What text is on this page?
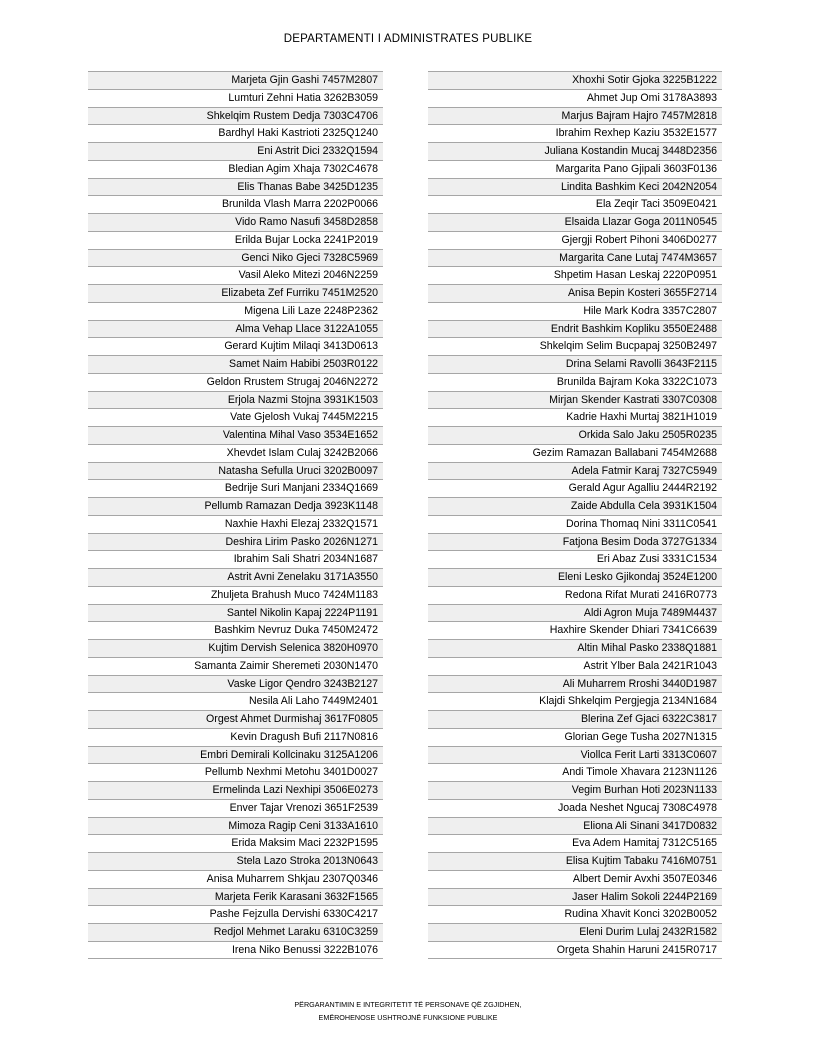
DEPARTAMENTI I ADMINISTRATES PUBLIKE
Marjeta Gjin Gashi 7457M2807
Lumturi Zehni Hatia 3262B3059
Shkelqim Rustem Dedja 7303C4706
Bardhyl Haki Kastrioti 2325Q1240
Eni Astrit Dici 2332Q1594
Bledian Agim Xhaja 7302C4678
Elis Thanas Babe 3425D1235
Brunilda Vlash Marra 2202P0066
Vido Ramo Nasufi 3458D2858
Erilda Bujar Locka 2241P2019
Genci Niko Gjeci 7328C5969
Vasil Aleko Mitezi 2046N2259
Elizabeta Zef Furriku 7451M2520
Migena Lili Laze 2248P2362
Alma Vehap Llace 3122A1055
Gerard Kujtim Milaqi 3413D0613
Samet Naim Habibi 2503R0122
Geldon Rrustem Strugaj 2046N2272
Erjola Nazmi Stojna 3931K1503
Vate Gjelosh Vukaj 7445M2215
Valentina Mihal Vaso 3534E1652
Xhevdet Islam Culaj 3242B2066
Natasha Sefulla Uruci 3202B0097
Bedrije Suri Manjani 2334Q1669
Pellumb Ramazan Dedja 3923K1148
Naxhie Haxhi Elezaj 2332Q1571
Deshira Lirim Pasko 2026N1271
Ibrahim Sali Shatri 2034N1687
Astrit Avni Zenelaku 3171A3550
Zhuljeta Brahush Muco 7424M1183
Santel Nikolin Kapaj 2224P1191
Bashkim Nevruz Duka 7450M2472
Kujtim Dervish Selenica 3820H0970
Samanta Zaimir Sheremeti 2030N1470
Vaske Ligor Qendro 3243B2127
Nesila Ali Laho 7449M2401
Orgest Ahmet Durmishaj 3617F0805
Kevin Dragush Bufi 2117N0816
Embri Demirali Kollcinaku 3125A1206
Pellumb Nexhmi Metohu 3401D0027
Ermelinda Lazi Nexhipi 3506E0273
Enver Tajar Vrenozi 3651F2539
Mimoza Ragip Ceni 3133A1610
Erida Maksim Maci 2232P1595
Stela Lazo Stroka 2013N0643
Anisa Muharrem Shkjau 2307Q0346
Marjeta Ferik Karasani 3632F1565
Pashe Fejzulla Dervishi 6330C4217
Redjol Mehmet Laraku 6310C3259
Irena Niko Benussi 3222B1076
Xhoxhi Sotir Gjoka 3225B1222
Ahmet Jup Omi 3178A3893
Marjus Bajram Hajro 7457M2818
Ibrahim Rexhep Kaziu 3532E1577
Juliana Kostandin Mucaj 3448D2356
Margarita Pano Gjipali 3603F0136
Lindita Bashkim Keci 2042N2054
Ela Zeqir Taci 3509E0421
Elsaida Llazar Goga 2011N0545
Gjergji Robert Pihoni 3406D0277
Margarita Cane Lutaj 7474M3657
Shpetim Hasan Leskaj 2220P0951
Anisa Bepin Kosteri 3655F2714
Hile Mark Kodra 3357C2807
Endrit Bashkim Kopliku 3550E2488
Shkelqim Selim Bucpapaj 3250B2497
Drina Selami Ravolli 3643F2115
Brunilda Bajram Koka 3322C1073
Mirjan Skender Kastrati 3307C0308
Kadrie Haxhi Murtaj 3821H1019
Orkida Salo Jaku 2505R0235
Gezim Ramazan Ballabani 7454M2688
Adela Fatmir Karaj 7327C5949
Gerald Agur Agalliu 2444R2192
Zaide Abdulla Cela 3931K1504
Dorina Thomaq Nini 3311C0541
Fatjona Besim Doda 3727G1334
Eri Abaz Zusi 3331C1534
Eleni Lesko Gjikondaj 3524E1200
Redona Rifat Murati 2416R0773
Aldi Agron Muja 7489M4437
Haxhire Skender Dhiari 7341C6639
Altin Mihal Pasko 2338Q1881
Astrit Ylber Bala 2421R1043
Ali Muharrem Rroshi 3440D1987
Klajdi Shkelqim Pergjegja 2134N1684
Blerina Zef Gjaci 6322C3817
Glorian Gege Tusha 2027N1315
Viollca Ferit Larti 3313C0607
Andi Timole Xhavara 2123N1126
Vegim Burhan Hoti 2023N1133
Joada Neshet Ngucaj 7308C4978
Eliona Ali Sinani 3417D0832
Eva Adem Hamitaj 7312C5165
Elisa Kujtim Tabaku 7416M0751
Albert Demir Avxhi 3507E0346
Jaser Halim Sokoli 2244P2169
Rudina Xhavit Konci 3202B0052
Eleni Durim Lulaj 2432R1582
Orgeta Shahin Haruni 2415R0717
PËRGARANTIMIN E INTEGRITETIT TË PERSONAVE QË ZGJIDHEN,
EMËROHENOSE USHTROJNË FUNKSIONE PUBLIKE
